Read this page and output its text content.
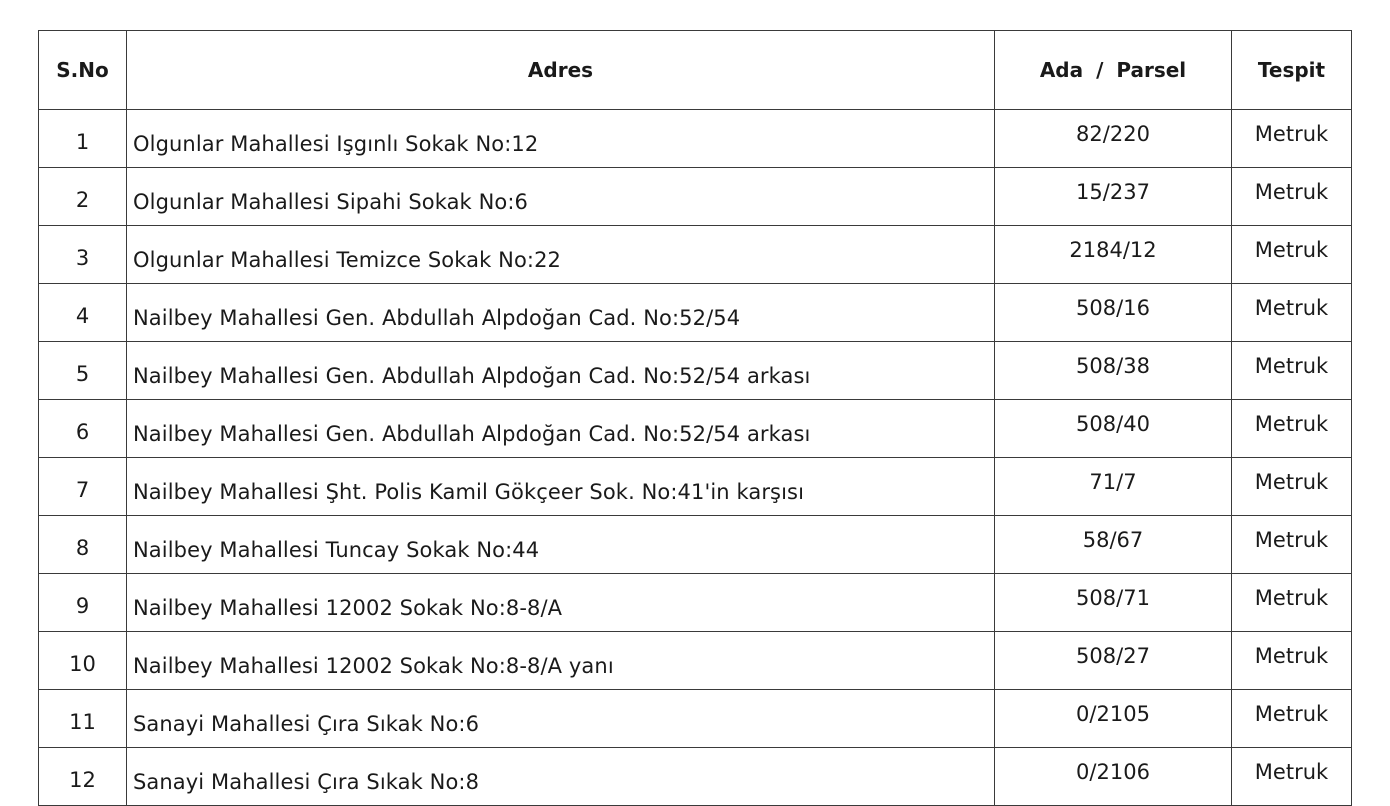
S.No	Adres	Ada / Parsel	Tespit
1	Olgunlar Mahallesi Işgınlı Sokak No:12	82/220	Metruk
2	Olgunlar Mahallesi Sipahi Sokak No:6	15/237	Metruk
3	Olgunlar Mahallesi Temizce Sokak No:22	2184/12	Metruk
4	Nailbey Mahallesi Gen. Abdullah Alpdoğan Cad. No:52/54	508/16	Metruk
5	Nailbey Mahallesi Gen. Abdullah Alpdoğan Cad. No:52/54 arkası	508/38	Metruk
6	Nailbey Mahallesi Gen. Abdullah Alpdoğan Cad. No:52/54 arkası	508/40	Metruk
7	Nailbey Mahallesi Şht. Polis Kamil Gökçeer Sok. No:41'in karşısı	71/7	Metruk
8	Nailbey Mahallesi Tuncay Sokak No:44	58/67	Metruk
9	Nailbey Mahallesi 12002 Sokak No:8-8/A	508/71	Metruk
10	Nailbey Mahallesi 12002 Sokak No:8-8/A yanı	508/27	Metruk
11	Sanayi Mahallesi Çıra Sıkak No:6	0/2105	Metruk
12	Sanayi Mahallesi Çıra Sıkak No:8	0/2106	Metruk
